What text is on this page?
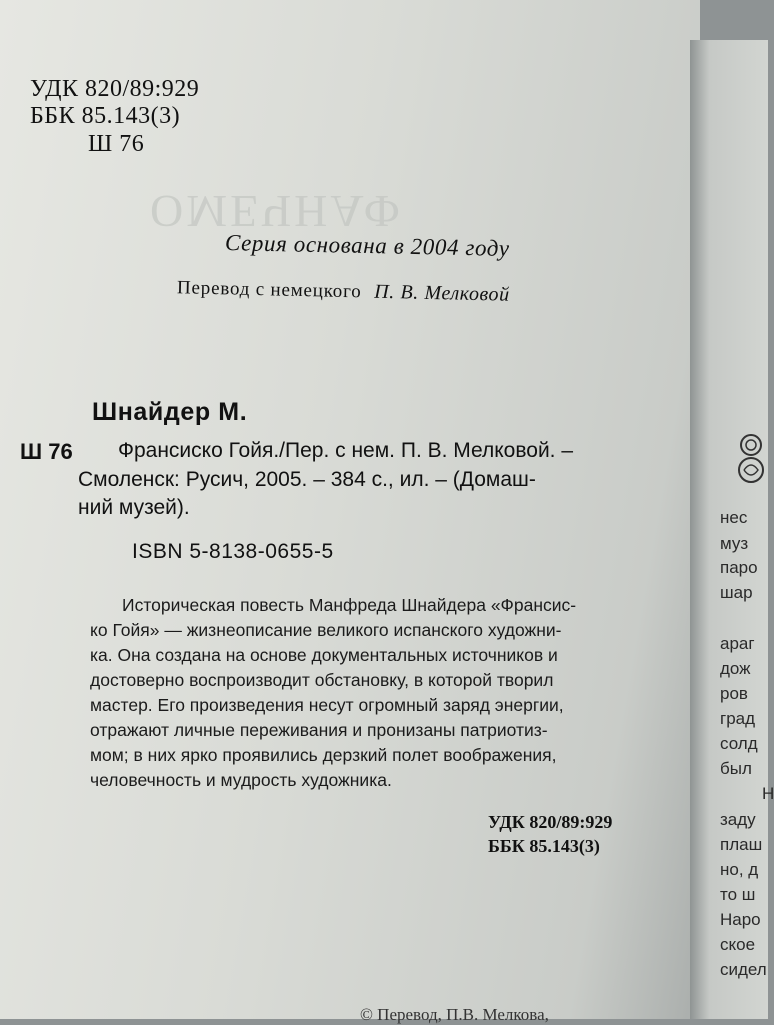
ОМЕЧНАФ
УДК 820/89:929
ББК 85.143(3)
Ш 76
Серия основана в 2004 году
Перевод с немецкого П. В. Мелковой
Шнайдер М.
Ш 76 Франсиско Гойя./Пер. с нем. П. В. Мелковой. –
Смоленск: Русич, 2005. – 384 с., ил. – (Домаш-
ний музей).
ISBN 5-8138-0655-5
Историческая повесть Манфреда Шнайдера «Франсис-
ко Гойя» — жизнеописание великого испанского художни-
ка. Она создана на основе документальных источников и
достоверно воспроизводит обстановку, в которой творил
мастер. Его произведения несут огромный заряд энергии,
отражают личные переживания и пронизаны патриотиз-
мом; в них ярко проявились дерзкий полет воображения,
человечность и мудрость художника.
УДК 820/89:929
ББК 85.143(3)
© Перевод, П.В. Мелкова,
нес
муз
паро
шар
араг
дож
ров
град
солд
был
Н
заду
плаш
но, д
то ш
Наро
ское
сидел
